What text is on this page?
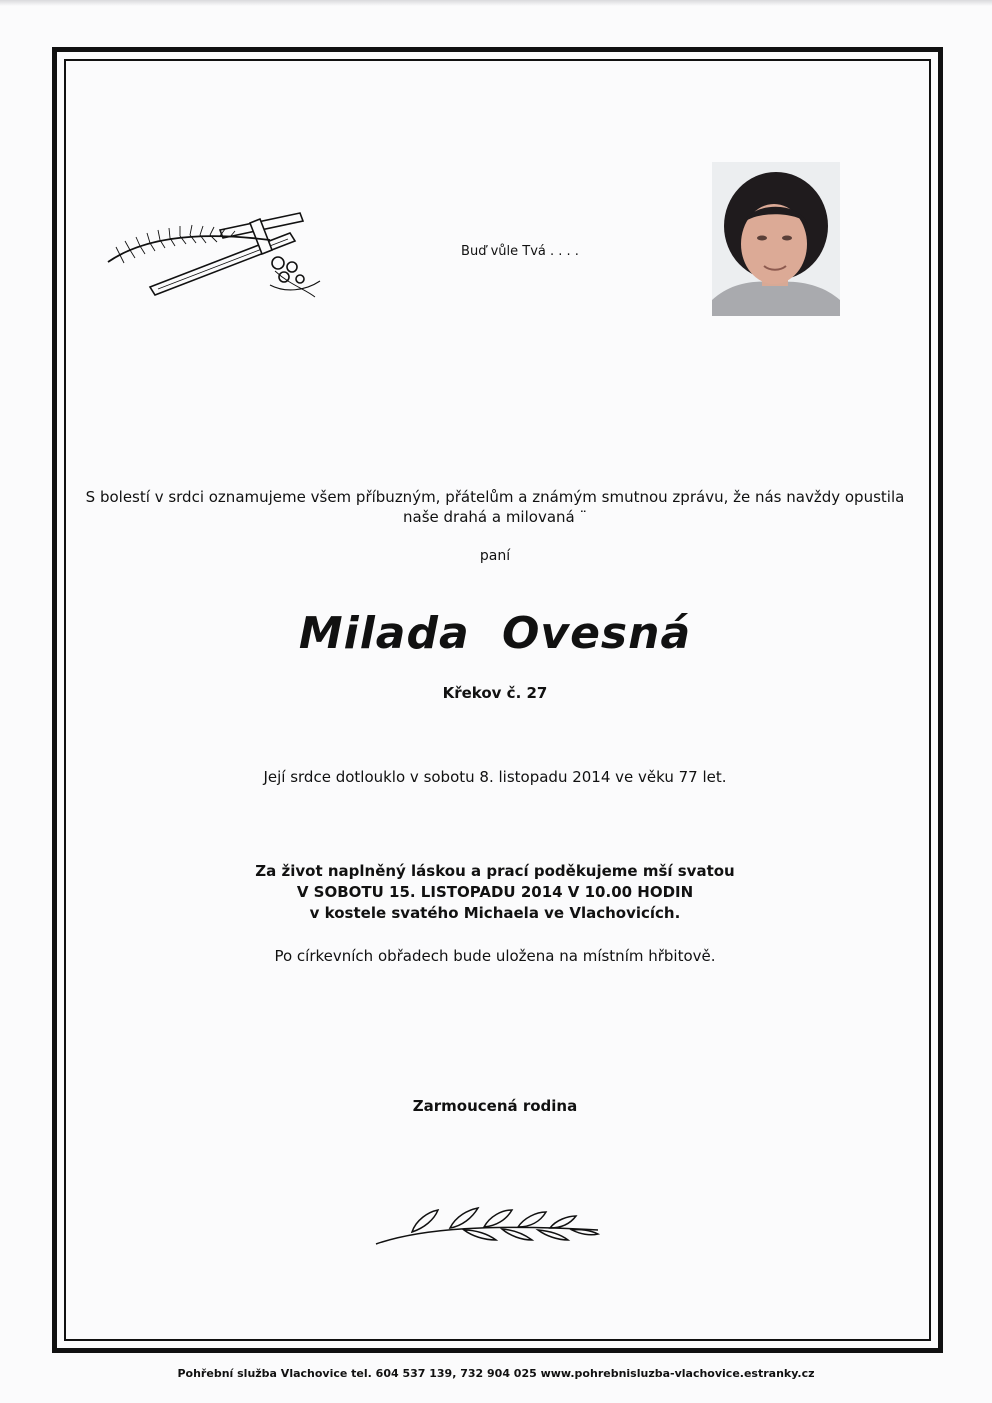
Buď vůle Tvá . . . .
S bolestí v srdci oznamujeme všem příbuzným, přátelům a známým smutnou zprávu, že nás navždy opustila
naše drahá a milovaná ¨
paní
Milada Ovesná
Křekov č. 27
Její srdce dotlouklo v sobotu 8. listopadu 2014 ve věku 77 let.
Za život naplněný láskou a prací poděkujeme mší svatou
V SOBOTU 15. LISTOPADU 2014 V 10.00 HODIN
v kostele svatého Michaela ve Vlachovicích.
Po církevních obřadech bude uložena na místním hřbitově.
Zarmoucená rodina
Pohřební služba Vlachovice tel. 604 537 139, 732 904 025 www.pohrebnisluzba-vlachovice.estranky.cz
